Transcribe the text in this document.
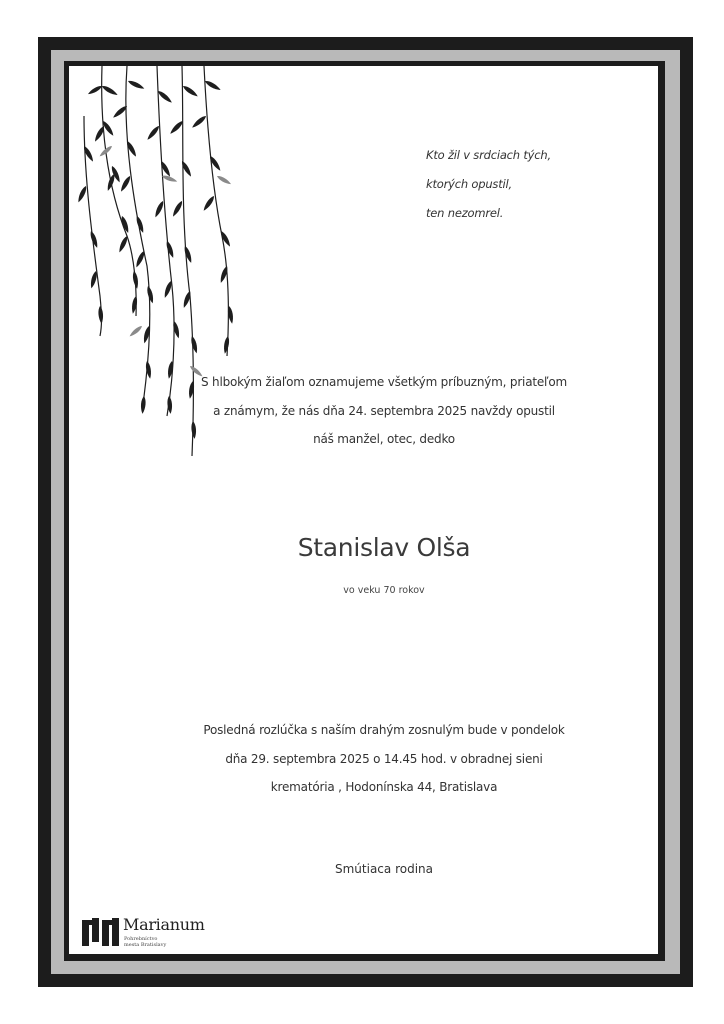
Kto žil v srdciach tých,
ktorých opustil,
ten nezomrel.
S hlbokým žiaľom oznamujeme všetkým príbuzným, priateľom
a známym, že nás dňa 24. septembra 2025 navždy opustil
náš manžel, otec, dedko
Stanislav Olša
vo veku 70 rokov
Posledná rozlúčka s naším drahým zosnulým bude v pondelok
dňa 29. septembra 2025 o 14.45 hod. v obradnej sieni
krematória , Hodonínska 44, Bratislava
Smútiaca rodina
Marianum
Pohrebníctvo
mesta Bratislavy
